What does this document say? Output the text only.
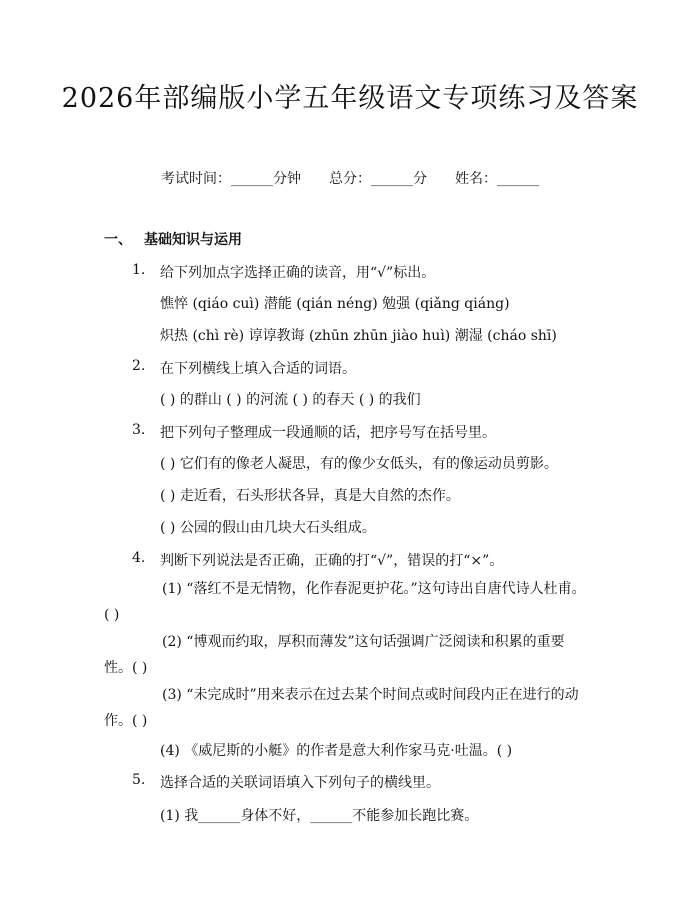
2026年部编版小学五年级语文专项练习及答案
考试时间：______分钟 总分：______分 姓名：______
一、 基础知识与运用
1. 给下列加点字选择正确的读音，用“√”标出。
憔悴 (qiáo cuì) 潜能 (qián néng) 勉强 (qiǎng qiáng)
炽热 (chì rè) 谆谆教诲 (zhūn zhūn jiào huì) 潮湿 (cháo shī)
2. 在下列横线上填入合适的词语。
( ) 的群山 ( ) 的河流 ( ) 的春天 ( ) 的我们
3. 把下列句子整理成一段通顺的话，把序号写在括号里。
( ) 它们有的像老人凝思，有的像少女低头，有的像运动员剪影。
( ) 走近看，石头形状各异，真是大自然的杰作。
( ) 公园的假山由几块大石头组成。
4. 判断下列说法是否正确，正确的打“√”，错误的打“×”。
(1) “落红不是无情物，化作春泥更护花。”这句诗出自唐代诗人杜甫。( )
(2) “博观而约取，厚积而薄发”这句话强调广泛阅读和积累的重要性。( )
(3) “未完成时”用来表示在过去某个时间点或时间段内正在进行的动作。( )
(4) 《威尼斯的小艇》的作者是意大利作家马克·吐温。( )
5. 选择合适的关联词语填入下列句子的横线里。
(1) 我______身体不好，______不能参加长跑比赛。
